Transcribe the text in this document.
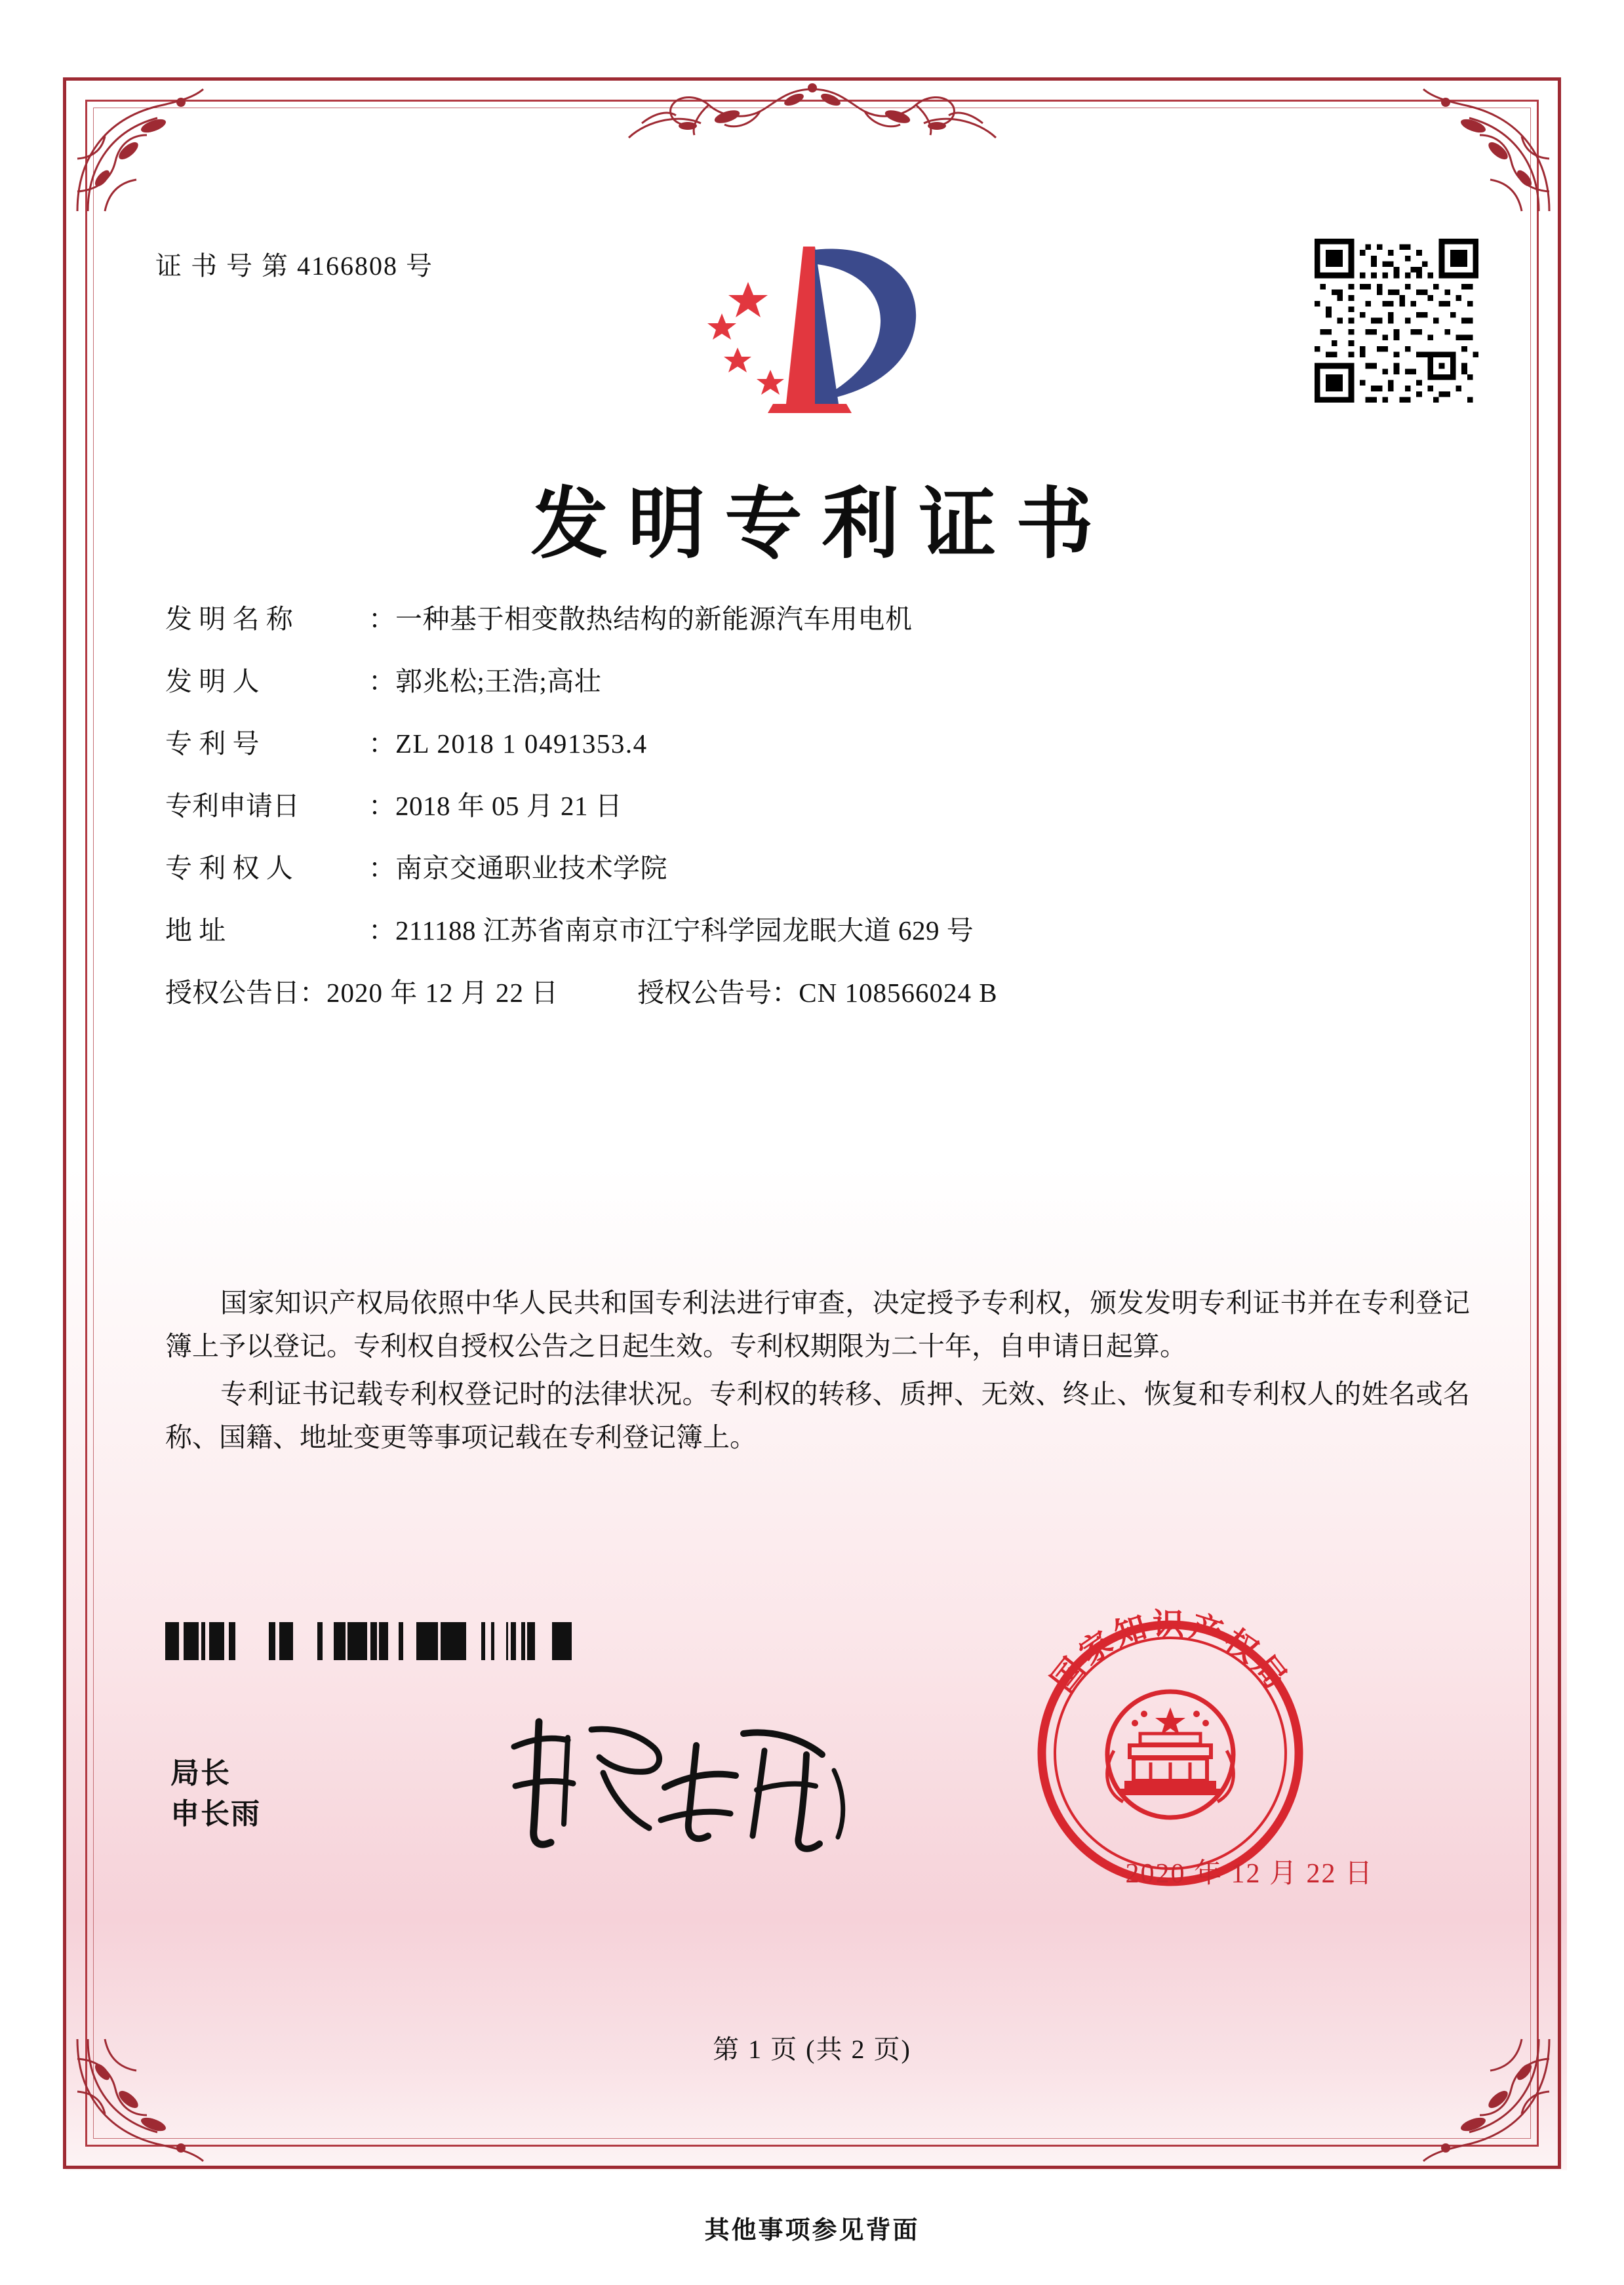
证 书 号 第 4166808 号
发明专利证书
发 明 名 称	： 一种基于相变散热结构的新能源汽车用电机
发 明 人	： 郭兆松;王浩;高壮
专 利 号	： ZL 2018 1 0491353.4
专利申请日	： 2018 年 05 月 21 日
专 利 权 人	： 南京交通职业技术学院
地 址	： 211188 江苏省南京市江宁科学园龙眠大道 629 号
授权公告日 ： 2020 年 12 月 22 日	授权公告号 ： CN 108566024 B

国家知识产权局依照中华人民共和国专利法进行审查，决定授予专利权，颁发发明专利证书并在专利登记簿上予以登记。专利权自授权公告之日起生效。专利权期限为二十年，自申请日起算。

专利证书记载专利权登记时的法律状况。专利权的转移、质押、无效、终止、恢复和专利权人的姓名或名称、国籍、地址变更等事项记载在专利登记簿上。

局长
申长雨
国家知识产权局
2020 年 12 月 22 日
第 1 页 (共 2 页)
其他事项参见背面
